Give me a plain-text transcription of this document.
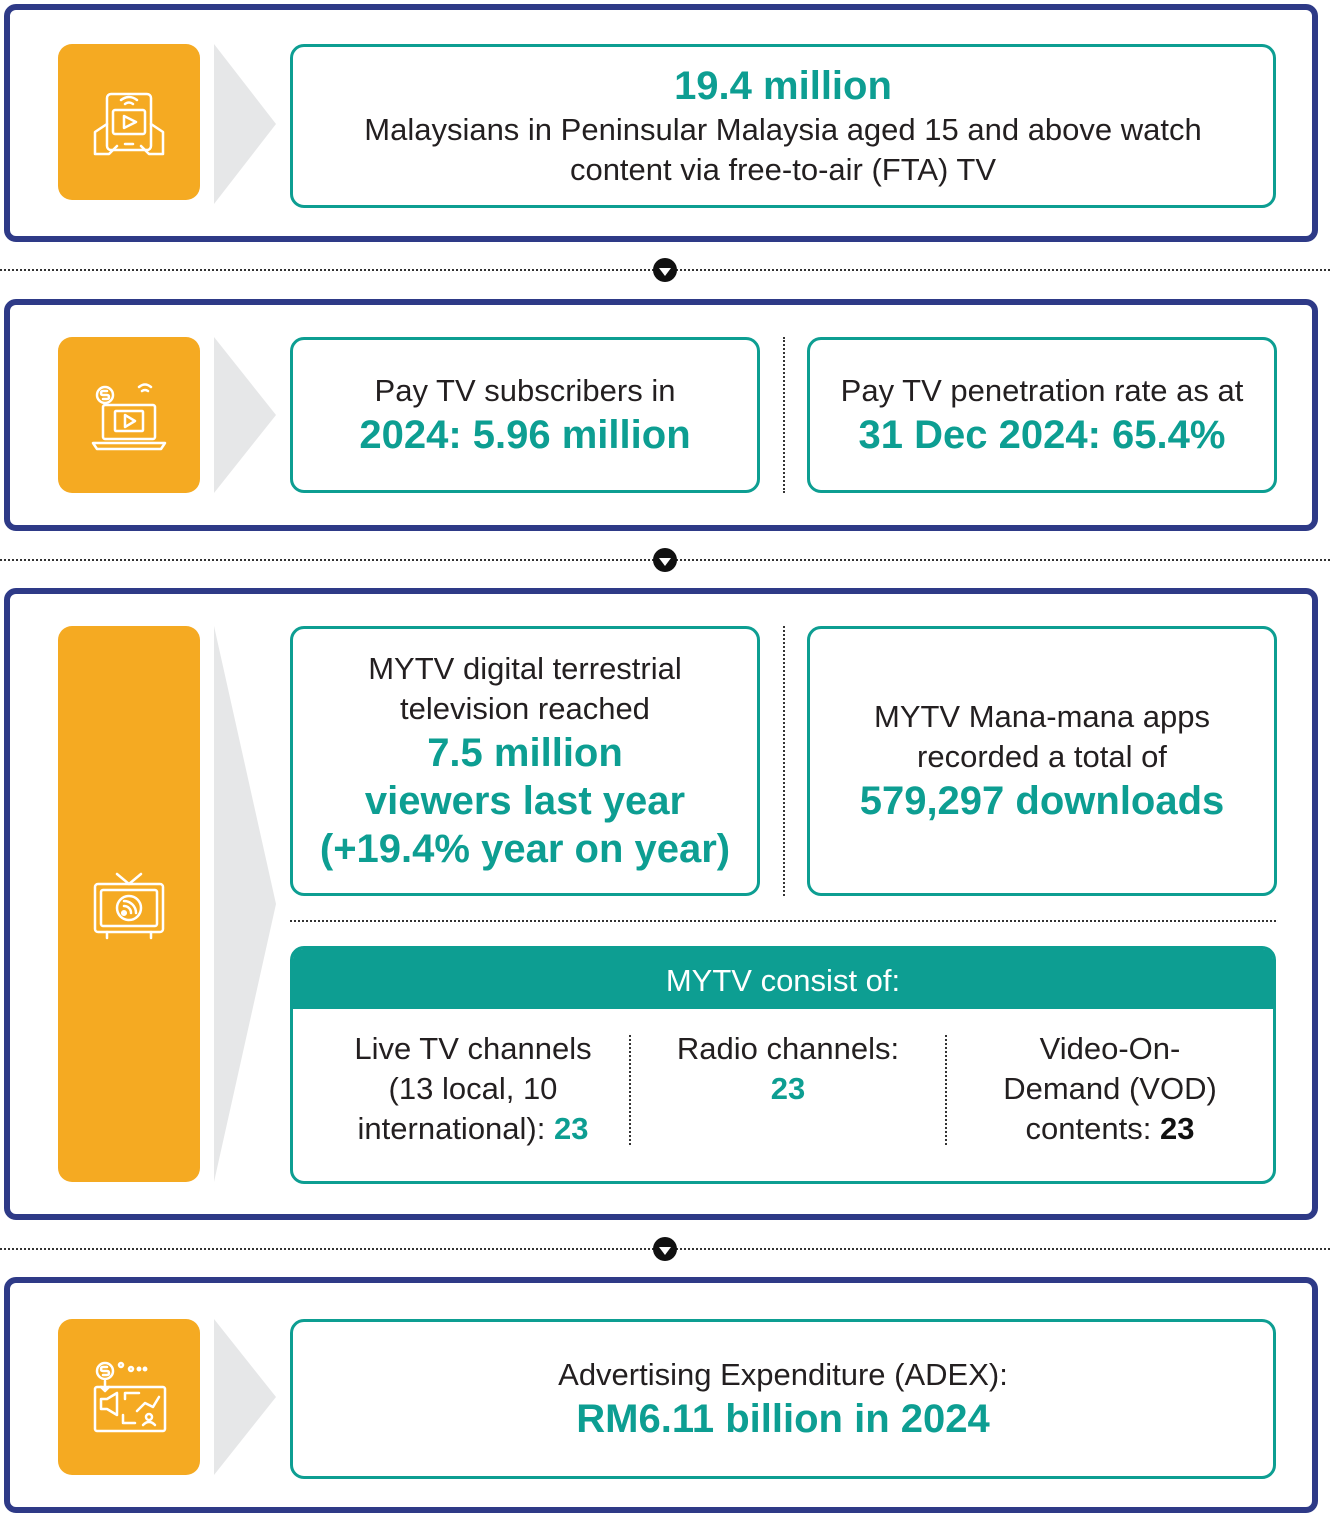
19.4 million
Malaysians in Peninsular Malaysia aged 15 and above watch
content via free-to-air (FTA) TV
Pay TV subscribers in
2024: 5.96 million
Pay TV penetration rate as at
31 Dec 2024: 65.4%
MYTV digital terrestrial
television reached
7.5 million
viewers last year
(+19.4% year on year)
MYTV Mana-mana apps
recorded a total of
579,297 downloads
MYTV consist of:
Live TV channels
(13 local, 10
international): 23
Radio channels:
23
Video-On-
Demand (VOD)
contents: 23
Advertising Expenditure (ADEX):
RM6.11 billion in 2024
